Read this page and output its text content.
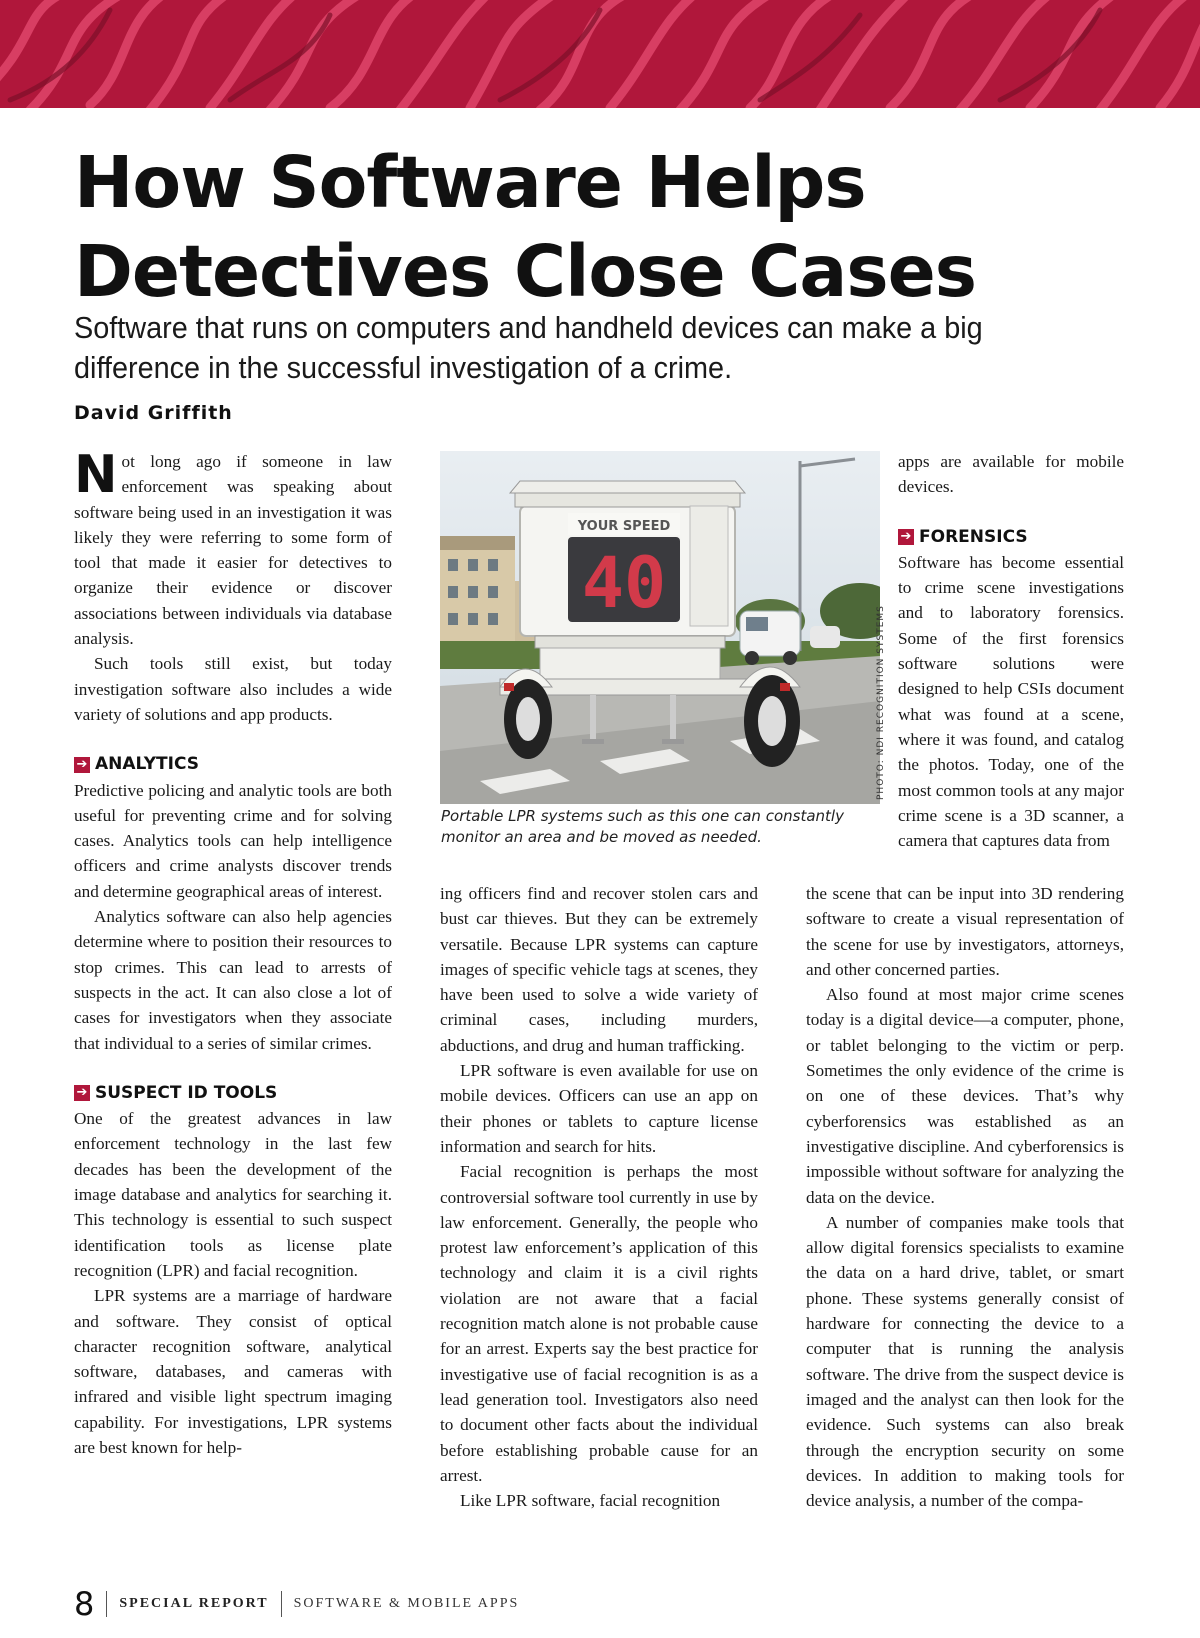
How Software Helps
Detectives Close Cases

Software that runs on computers and handheld devices can make a big difference in the successful investigation of a crime.

David Griffith

Not long ago if someone in law enforcement was speaking about software being used in an investigation it was likely they were referring to some form of tool that made it easier for detectives to organize their evidence or discover associations between individuals via database analysis.

Such tools still exist, but today investigation software also includes a wide variety of solutions and app products.

➔ ANALYTICS

Predictive policing and analytic tools are both useful for preventing crime and for solving cases. Analytics tools can help intelligence officers and crime analysts discover trends and determine geographical areas of interest.

Analytics software can also help agencies determine where to position their resources to stop crimes. This can lead to arrests of suspects in the act. It can also close a lot of cases for investigators when they associate that individual to a series of similar crimes.

➔ SUSPECT ID TOOLS

One of the greatest advances in law enforcement technology in the last few decades has been the development of the image database and analytics for searching it. This technology is essential to such suspect identification tools as license plate recognition (LPR) and facial recognition.

LPR systems are a marriage of hardware and software. They consist of optical character recognition software, analytical software, databases, and cameras with infrared and visible light spectrum imaging capability. For investigations, LPR systems are best known for help-

YOUR SPEED
40
PHOTO: NDI RECOGNITION SYSTEMS

Portable LPR systems such as this one can constantly monitor an area and be moved as needed.

ing officers find and recover stolen cars and bust car thieves. But they can be extremely versatile. Because LPR systems can capture images of specific vehicle tags at scenes, they have been used to solve a wide variety of criminal cases, including murders, abductions, and drug and human trafficking.

LPR software is even available for use on mobile devices. Officers can use an app on their phones or tablets to capture license information and search for hits.

Facial recognition is perhaps the most controversial software tool currently in use by law enforcement. Generally, the people who protest law enforcement’s application of this technology and claim it is a civil rights violation are not aware that a facial recognition match alone is not probable cause for an arrest. Experts say the best practice for investigative use of facial recognition is as a lead generation tool. Investigators also need to document other facts about the individual before establishing probable cause for an arrest.

Like LPR software, facial recognition

apps are available for mobile devices.

➔ FORENSICS

Software has become essential to crime scene investigations and to laboratory forensics. Some of the first forensics software solutions were designed to help CSIs document what was found at a scene, where it was found, and catalog the photos. Today, one of the most common tools at any major crime scene is a 3D scanner, a camera that captures data from

the scene that can be input into 3D rendering software to create a visual representation of the scene for use by investigators, attorneys, and other concerned parties.

Also found at most major crime scenes today is a digital device—a computer, phone, or tablet belonging to the victim or perp. Sometimes the only evidence of the crime is on one of these devices. That’s why cyberforensics was established as an investigative discipline. And cyberforensics is impossible without software for analyzing the data on the device.

A number of companies make tools that allow digital forensics specialists to examine the data on a hard drive, tablet, or smart phone. These systems generally consist of hardware for connecting the device to a computer that is running the analysis software. The drive from the suspect device is imaged and the analyst can then look for the evidence. Such systems can also break through the encryption security on some devices. In addition to making tools for device analysis, a number of the compa-

8 SPECIAL REPORT SOFTWARE & MOBILE APPS
